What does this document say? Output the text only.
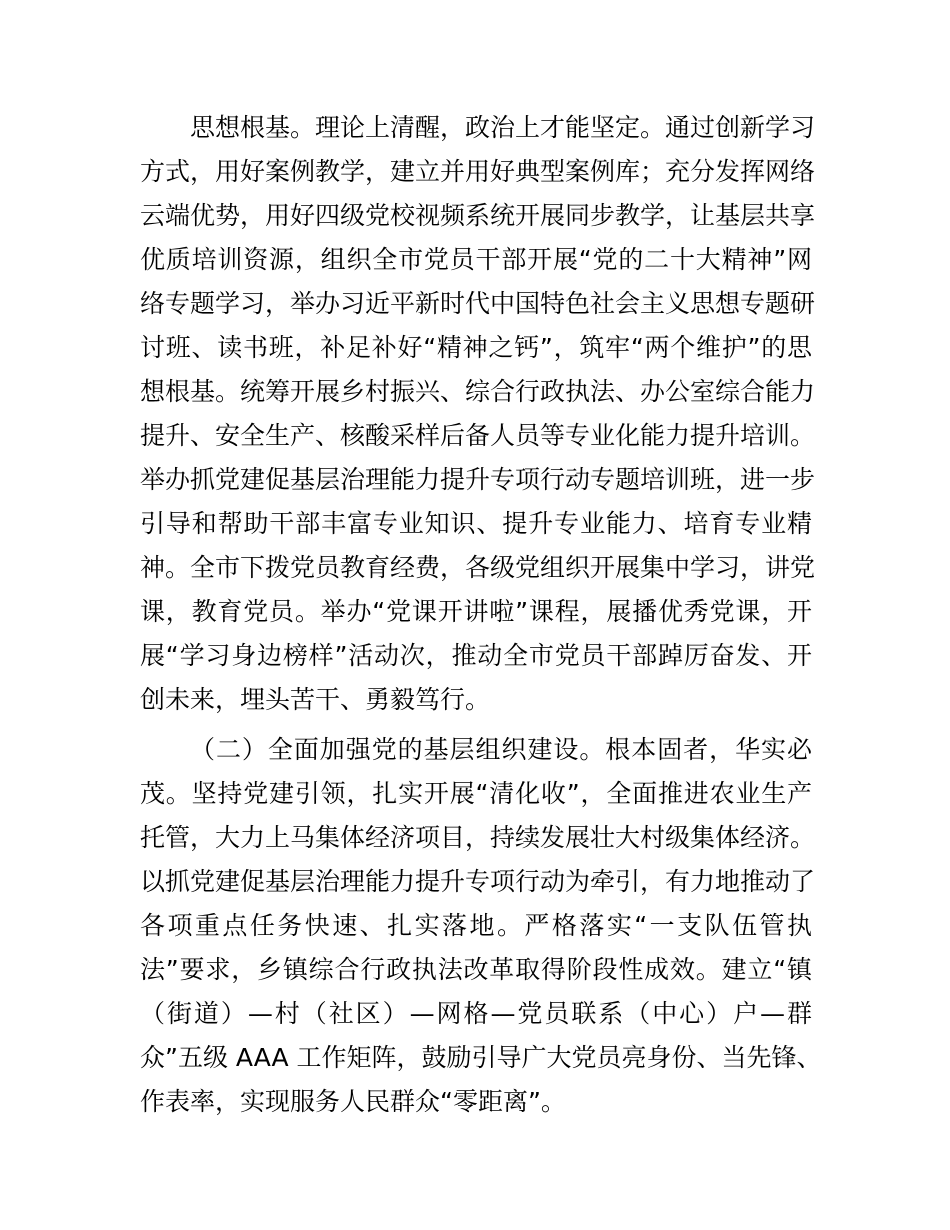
思想根基。理论上清醒，政治上才能坚定。通过创新学习
方式，用好案例教学，建立并用好典型案例库；充分发挥网络
云端优势，用好四级党校视频系统开展同步教学，让基层共享
优质培训资源，组织全市党员干部开展“党的二十大精神”网
络专题学习，举办习近平新时代中国特色社会主义思想专题研
讨班、读书班，补足补好“精神之钙”，筑牢“两个维护”的思
想根基。统筹开展乡村振兴、综合行政执法、办公室综合能力
提升、安全生产、核酸采样后备人员等专业化能力提升培训。
举办抓党建促基层治理能力提升专项行动专题培训班，进一步
引导和帮助干部丰富专业知识、提升专业能力、培育专业精
神。全市下拨党员教育经费，各级党组织开展集中学习，讲党
课，教育党员。举办“党课开讲啦”课程，展播优秀党课，开
展“学习身边榜样”活动次，推动全市党员干部踔厉奋发、开
创未来，埋头苦干、勇毅笃行。
（二）全面加强党的基层组织建设。根本固者，华实必
茂。坚持党建引领，扎实开展“清化收”，全面推进农业生产
托管，大力上马集体经济项目，持续发展壮大村级集体经济。
以抓党建促基层治理能力提升专项行动为牵引，有力地推动了
各项重点任务快速、扎实落地。严格落实“一支队伍管执
法”要求，乡镇综合行政执法改革取得阶段性成效。建立“镇
（街道）—村（社区）—网格—党员联系（中心）户—群
众”五级 AAA 工作矩阵，鼓励引导广大党员亮身份、当先锋、
作表率，实现服务人民群众“零距离”。
